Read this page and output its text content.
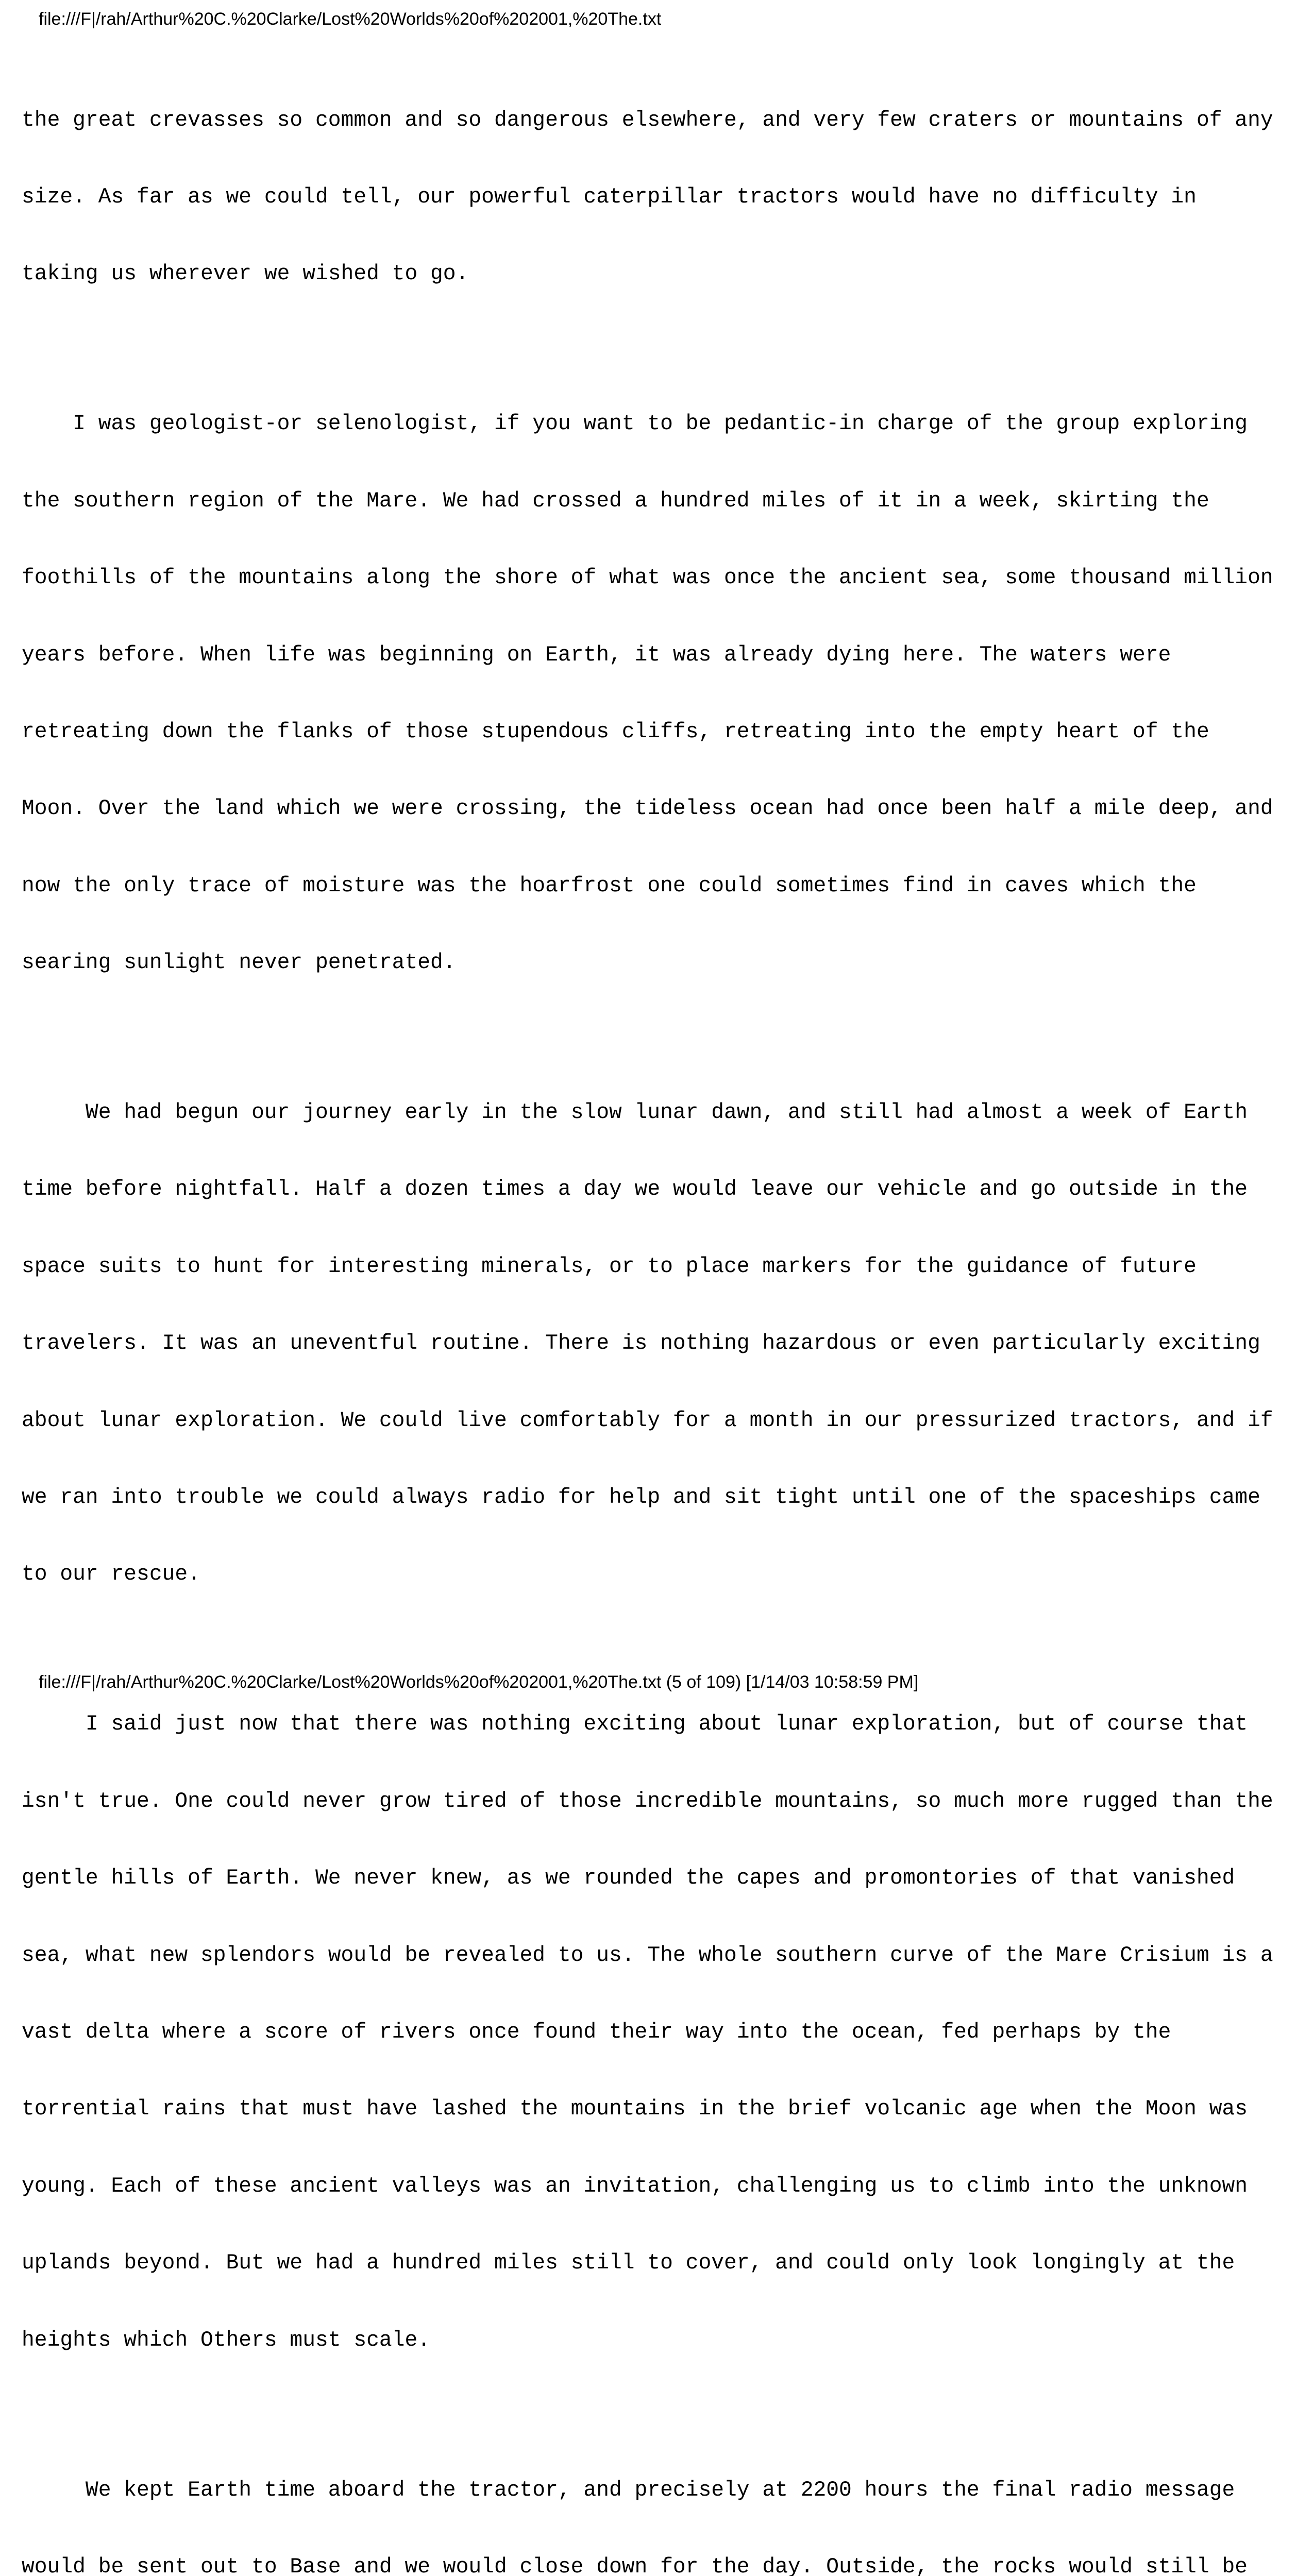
file:///F|/rah/Arthur%20C.%20Clarke/Lost%20Worlds%20of%202001,%20The.txt

the great crevasses so common and so dangerous elsewhere, and very few craters or mountains of any

size. As far as we could tell, our powerful caterpillar tractors would have no difficulty in

taking us wherever we wished to go.

I was geologist-or selenologist, if you want to be pedantic-in charge of the group exploring

the southern region of the Mare. We had crossed a hundred miles of it in a week, skirting the

foothills of the mountains along the shore of what was once the ancient sea, some thousand million

years before. When life was beginning on Earth, it was already dying here. The waters were

retreating down the flanks of those stupendous cliffs, retreating into the empty heart of the

Moon. Over the land which we were crossing, the tideless ocean had once been half a mile deep, and

now the only trace of moisture was the hoarfrost one could sometimes find in caves which the

searing sunlight never penetrated.

We had begun our journey early in the slow lunar dawn, and still had almost a week of Earth

time before nightfall. Half a dozen times a day we would leave our vehicle and go outside in the

space suits to hunt for interesting minerals, or to place markers for the guidance of future

travelers. It was an uneventful routine. There is nothing hazardous or even particularly exciting

about lunar exploration. We could live comfortably for a month in our pressurized tractors, and if

we ran into trouble we could always radio for help and sit tight until one of the spaceships came

to our rescue.

I said just now that there was nothing exciting about lunar exploration, but of course that

isn't true. One could never grow tired of those incredible mountains, so much more rugged than the

gentle hills of Earth. We never knew, as we rounded the capes and promontories of that vanished

sea, what new splendors would be revealed to us. The whole southern curve of the Mare Crisium is a

vast delta where a score of rivers once found their way into the ocean, fed perhaps by the

torrential rains that must have lashed the mountains in the brief volcanic age when the Moon was

young. Each of these ancient valleys was an invitation, challenging us to climb into the unknown

uplands beyond. But we had a hundred miles still to cover, and could only look longingly at the

heights which Others must scale.

We kept Earth time aboard the tractor, and precisely at 2200 hours the final radio message

would be sent out to Base and we would close down for the day. Outside, the rocks would still be

file:///F|/rah/Arthur%20C.%20Clarke/Lost%20Worlds%20of%202001,%20The.txt (5 of 109) [1/14/03 10:58:59 PM]
